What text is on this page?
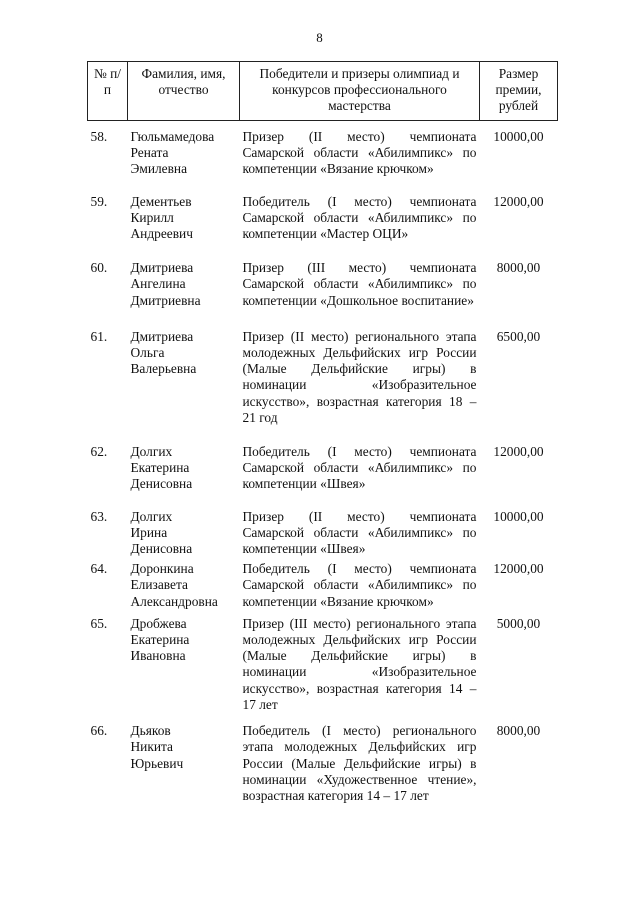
8
№ п/п	Фамилия, имя, отчество	Победители и призеры олимпиад и конкурсов профессионального мастерства	Размер премии, рублей
58.	Гюльмамедова
Рената
Эмилевна	Призер (II место) чемпионата Самарской области «Абилимпикс» по компетенции «Вязание крючком»	10000,00
59.	Дементьев
Кирилл
Андреевич	Победитель (I место) чемпионата Самарской области «Абилимпикс» по компетенции «Мастер ОЦИ»	12000,00
60.	Дмитриева
Ангелина
Дмитриевна	Призер (III место) чемпионата Самарской области «Абилимпикс» по компетенции «Дошкольное воспитание»	8000,00
61.	Дмитриева
Ольга
Валерьевна	Призер (II место) регионального этапа молодежных Дельфийских игр России (Малые Дельфийские игры) в номинации «Изобразительное искусство», возрастная категория 18 – 21 год	6500,00
62.	Долгих
Екатерина
Денисовна	Победитель (I место) чемпионата Самарской области «Абилимпикс» по компетенции «Швея»	12000,00
63.	Долгих
Ирина
Денисовна	Призер (II место) чемпионата Самарской области «Абилимпикс» по компетенции «Швея»	10000,00
64.	Доронкина
Елизавета
Александровна	Победитель (I место) чемпионата Самарской области «Абилимпикс» по компетенции «Вязание крючком»	12000,00
65.	Дробжева
Екатерина
Ивановна	Призер (III место) регионального этапа молодежных Дельфийских игр России (Малые Дельфийские игры) в номинации «Изобразительное искусство», возрастная категория 14 – 17 лет	5000,00
66.	Дьяков
Никита
Юрьевич	Победитель (I место) регионального этапа молодежных Дельфийских игр России (Малые Дельфийские игры) в номинации «Художественное чтение», возрастная категория 14 – 17 лет	8000,00
